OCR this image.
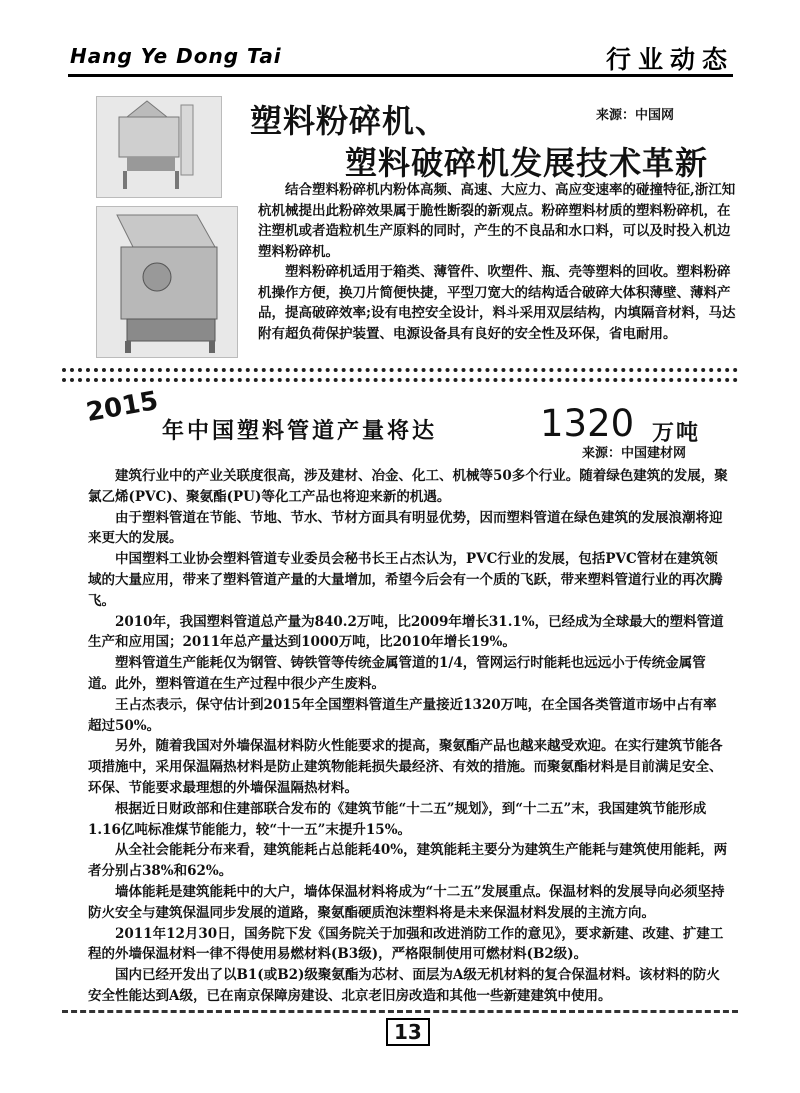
Hang Ye Dong Tai	行业动态
来源：中国网
塑料粉碎机、
塑料破碎机发展技术革新

结合塑料粉碎机内粉体高频、高速、大应力、高应变速率的碰撞特征,浙江知杭机械提出此粉碎效果属于脆性断裂的新观点。粉碎塑料材质的塑料粉碎机，在注塑机或者造粒机生产原料的同时，产生的不良品和水口料，可以及时投入机边塑料粉碎机。

塑料粉碎机适用于箱类、薄管件、吹塑件、瓶、壳等塑料的回收。塑料粉碎机操作方便，换刀片简便快捷，平型刀宽大的结构适合破碎大体积薄壁、薄料产品，提高破碎效率;设有电控安全设计，料斗采用双层结构，内填隔音材料，马达附有超负荷保护装置、电源设备具有良好的安全性及环保，省电耐用。

2015
年中国塑料管道产量将达	1320 万吨
来源：中国建材网

建筑行业中的产业关联度很高，涉及建材、冶金、化工、机械等50多个行业。随着绿色建筑的发展，聚氯乙烯(PVC)、聚氨酯(PU)等化工产品也将迎来新的机遇。

由于塑料管道在节能、节地、节水、节材方面具有明显优势，因而塑料管道在绿色建筑的发展浪潮将迎来更大的发展。

中国塑料工业协会塑料管道专业委员会秘书长王占杰认为，PVC行业的发展，包括PVC管材在建筑领域的大量应用，带来了塑料管道产量的大量增加，希望今后会有一个质的飞跃，带来塑料管道行业的再次腾飞。

2010年，我国塑料管道总产量为840.2万吨，比2009年增长31.1%，已经成为全球最大的塑料管道生产和应用国；2011年总产量达到1000万吨，比2010年增长19%。

塑料管道生产能耗仅为钢管、铸铁管等传统金属管道的1/4，管网运行时能耗也远远小于传统金属管道。此外，塑料管道在生产过程中很少产生废料。

王占杰表示，保守估计到2015年全国塑料管道生产量接近1320万吨，在全国各类管道市场中占有率超过50%。

另外，随着我国对外墙保温材料防火性能要求的提高，聚氨酯产品也越来越受欢迎。在实行建筑节能各项措施中，采用保温隔热材料是防止建筑物能耗损失最经济、有效的措施。而聚氨酯材料是目前满足安全、环保、节能要求最理想的外墙保温隔热材料。

根据近日财政部和住建部联合发布的《建筑节能“十二五”规划》，到“十二五”末，我国建筑节能形成1.16亿吨标准煤节能能力，较“十一五”末提升15%。

从全社会能耗分布来看，建筑能耗占总能耗40%，建筑能耗主要分为建筑生产能耗与建筑使用能耗，两者分别占38%和62%。

墙体能耗是建筑能耗中的大户，墙体保温材料将成为“十二五”发展重点。保温材料的发展导向必须坚持防火安全与建筑保温同步发展的道路，聚氨酯硬质泡沫塑料将是未来保温材料发展的主流方向。

2011年12月30日，国务院下发《国务院关于加强和改进消防工作的意见》，要求新建、改建、扩建工程的外墙保温材料一律不得使用易燃材料(B3级)，严格限制使用可燃材料(B2级)。

国内已经开发出了以B1(或B2)级聚氨酯为芯材、面层为A级无机材料的复合保温材料。该材料的防火安全性能达到A级，已在南京保障房建设、北京老旧房改造和其他一些新建建筑中使用。

13
